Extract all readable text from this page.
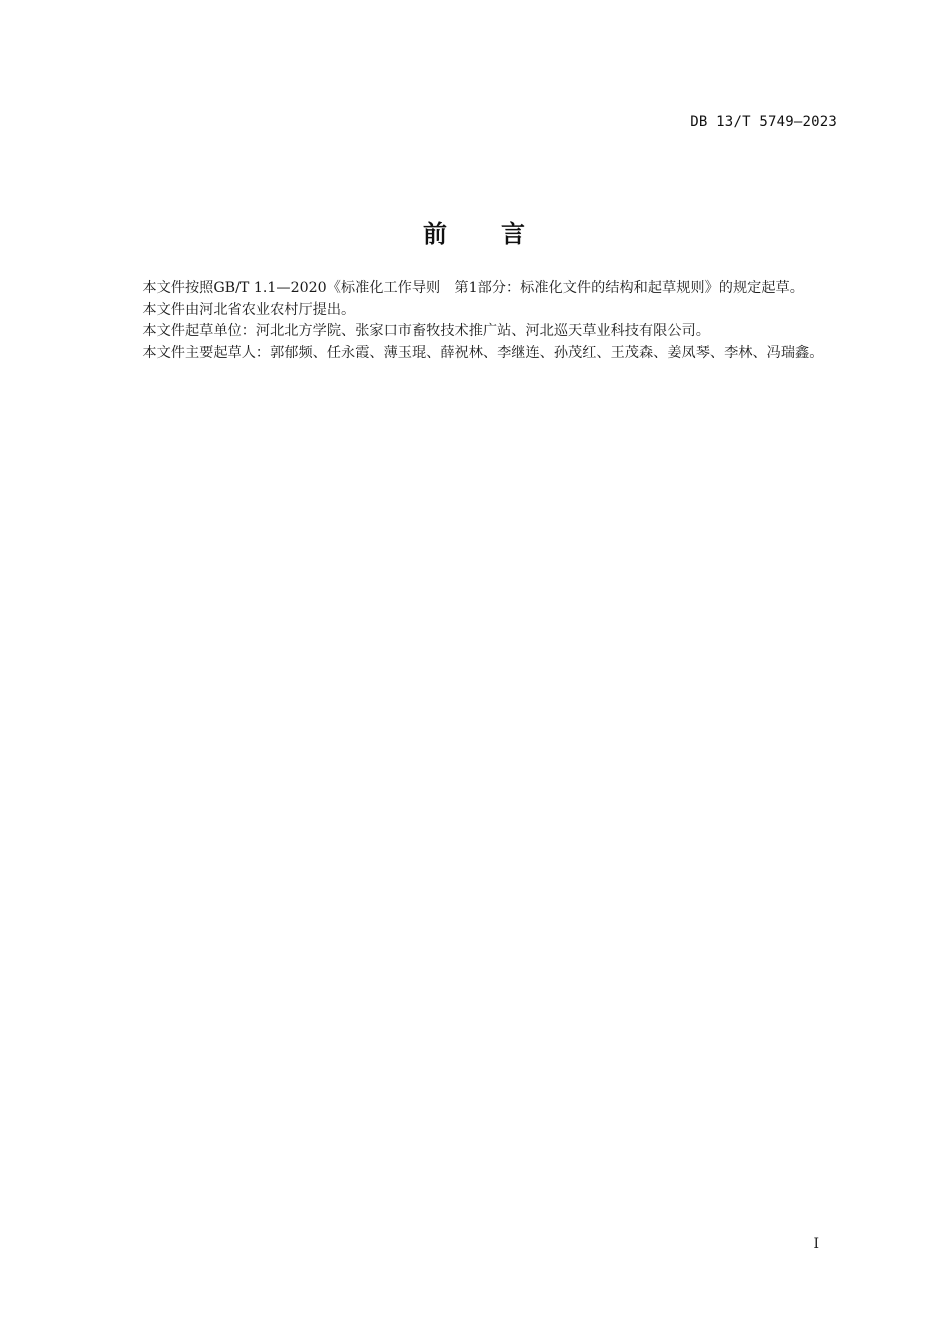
DB 13/T 5749—2023
前 言

本文件按照GB/T 1.1—2020《标准化工作导则　第1部分：标准化文件的结构和起草规则》的规定起草。

本文件由河北省农业农村厅提出。

本文件起草单位：河北北方学院、张家口市畜牧技术推广站、河北巡天草业科技有限公司。

本文件主要起草人：郭郁频、任永霞、薄玉琨、薛祝林、李继连、孙茂红、王茂森、姜凤琴、李林、冯瑞鑫。

I
